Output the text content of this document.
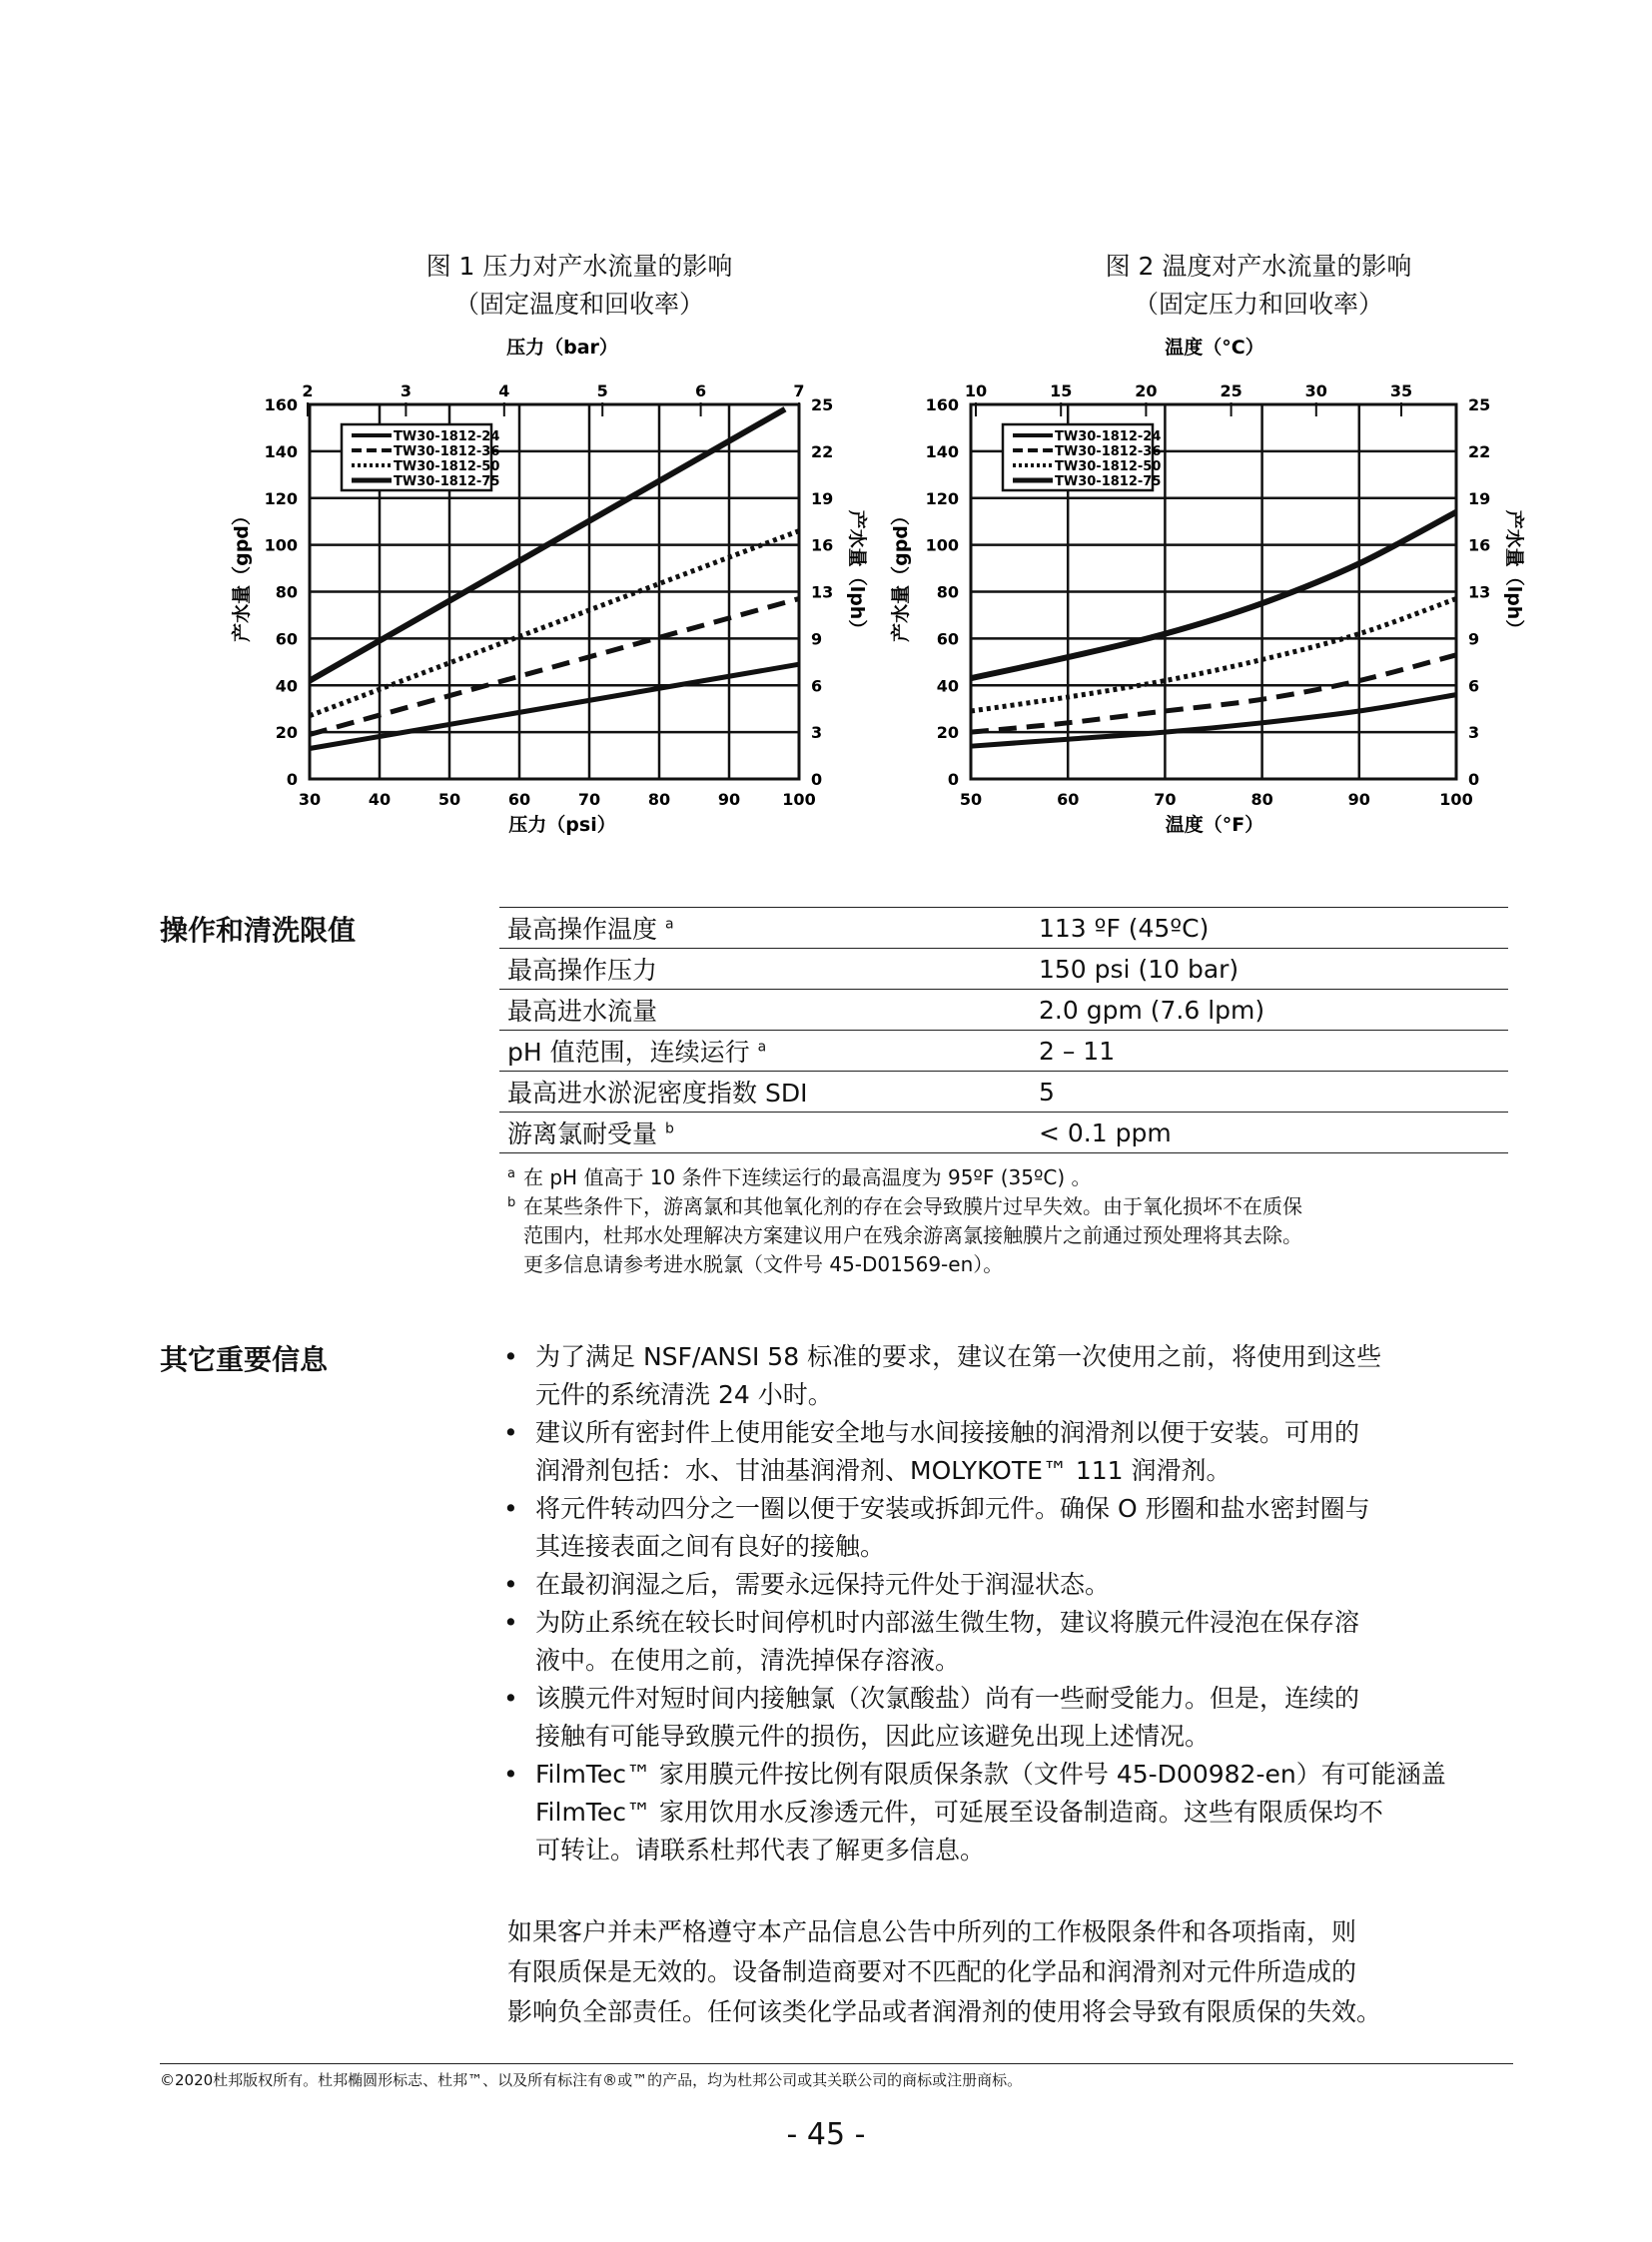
图 1 压力对产水流量的影响
（固定温度和回收率）
图 2 温度对产水流量的影响
（固定压力和回收率）
压力（bar）
2	3	4	5	6	7
0
20
40
60
80
100
120
140
160
0
3
6
9
13
16
19
22
25
30	40	50	60	70	80	90	100
TW30-1812-24
TW30-1812-36
TW30-1812-50
TW30-1812-75
产水量（gpd）	产水量（lph）
压力（psi）
温度（°C）
10	15	20	25	30	35
0
20
40
60
80
100
120
140
160
0
3
6
9
13
16
19
22
25
50	60	70	80	90	100
TW30-1812-24
TW30-1812-36
TW30-1812-50
TW30-1812-75
产水量（gpd）	产水量（lph）
温度（°F）
操作和清洗限值	最高操作温度 $^a$	113 ºF (45ºC)
最高操作压力	150 psi (10 bar)
最高进水流量	2.0 gpm (7.6 lpm)
pH 值范围，连续运行 $^a$	2 – 11
最高进水淤泥密度指数 SDI	5
游离氯耐受量 $^b$	< 0.1 ppm
a 在 pH 值高于 10 条件下连续运行的最高温度为 95ºF (35ºC) 。
b 在某些条件下，游离氯和其他氧化剂的存在会导致膜片过早失效。由于氧化损坏不在质保
范围内，杜邦水处理解决方案建议用户在残余游离氯接触膜片之前通过预处理将其去除。
更多信息请参考进水脱氯（文件号 45-D01569-en）。
其它重要信息	• 为了满足 NSF/ANSI 58 标准的要求，建议在第一次使用之前，将使用到这些
元件的系统清洗 24 小时。
• 建议所有密封件上使用能安全地与水间接接触的润滑剂以便于安装。可用的
润滑剂包括：水、甘油基润滑剂、MOLYKOTE™ 111 润滑剂。
• 将元件转动四分之一圈以便于安装或拆卸元件。确保 O 形圈和盐水密封圈与
其连接表面之间有良好的接触。
• 在最初润湿之后，需要永远保持元件处于润湿状态。
• 为防止系统在较长时间停机时内部滋生微生物，建议将膜元件浸泡在保存溶
液中。在使用之前，清洗掉保存溶液。
• 该膜元件对短时间内接触氯（次氯酸盐）尚有一些耐受能力。但是，连续的
接触有可能导致膜元件的损伤，因此应该避免出现上述情况。
• FilmTec™ 家用膜元件按比例有限质保条款（文件号 45-D00982-en）有可能涵盖
FilmTec™ 家用饮用水反渗透元件，可延展至设备制造商。这些有限质保均不
可转让。请联系杜邦代表了解更多信息。
如果客户并未严格遵守本产品信息公告中所列的工作极限条件和各项指南，则
有限质保是无效的。设备制造商要对不匹配的化学品和润滑剂对元件所造成的
影响负全部责任。任何该类化学品或者润滑剂的使用将会导致有限质保的失效。
©2020杜邦版权所有。杜邦椭圆形标志、杜邦™、以及所有标注有®或™的产品，均为杜邦公司或其关联公司的商标或注册商标。
- 45 -
